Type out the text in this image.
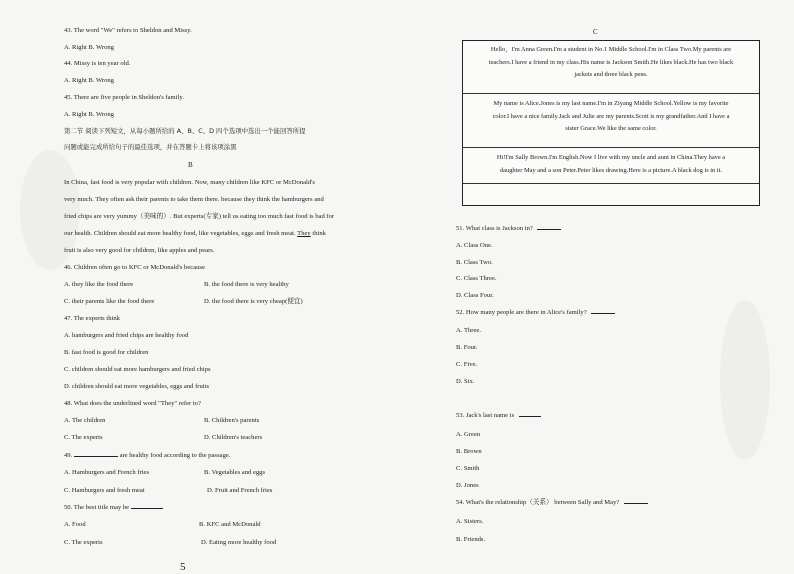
43. The word "We" refers to Sheldon and Missy.
A. Right B. Wrong
44. Missy is ten year old.
A. Right B. Wrong
45. There are five people in Sheldon's family.
A. Right B. Wrong
第二节 阅读下列短文，从每小题所给的 A、B、C、D 四个选项中选出一个能回答所提
问题或能完成所给句子的最佳选项，并在答题卡上将该项涂黑
B
In China, fast food is very popular with children. Now, many children like KFC or McDonald's
very much. They often ask their parents to take them there. because they think the hamburgers and
fried chips are very yummy（美味的）. But experts(专家) tell us eating too much fast food is bad for
our health. Children should eat more healthy food, like vegetables, eggs and fresh meat. They think
fruit is also very good for children, like apples and pears.
46. Children often go to KFC or McDonald's because
A. they like the food there	B. the food there is very healthy
C. their parents like the food there	D. the food there is very cheap(便宜)
47. The experts think
A. hamburgers and fried chips are healthy food
B. fast food is good for children
C. children should eat more hamburgers and fried chips
D. children should eat more vegetables, eggs and fruits
48. What does the underlined word "They" refer to?
A. The children	B. Children's parents
C. The experts	D. Children's teachers
49.	are healthy food according to the passage.
A. Hamburgers and French fries	B. Vegetables and eggs
C. Hamburgers and fresh meat	D. Fruit and French fries
50. The best title may be
A. Food	B. KFC and McDonald
C. The experts	D. Eating more healthy food
5
C
Hello，I'm Anna Green.I'm a student in No.1 Middle School.I'm in Class Two.My parents are
teachers.I have a friend in my class.His name is Jackson Smith.He likes black.He has two black
jackets and three black pens.
My name is Alice.Jones is my last name.I'm in Ziyang Middle School.Yellow is my favorite
color.I have a nice family.Jack and Julie are my parents.Scott is my grandfather.And I have a
sister Grace.We like the same color.
Hi!I'm Sally Brown.I'm English.Now I live with my uncle and aunt in China.They have a
daughter May and a son Peter.Peter likes drawing.Here is a picture.A black dog is in it.
51. What class is Jackson in?
A. Class One.
B. Class Two.
C. Class Three.
D. Class Four.
52. How many people are there in Alice's family?
A. Three.
B. Four.
C. Five.
D. Six.
53. Jack's last name is
A. Green
B. Brown
C. Smith
D. Jones
54. What's the relationship（关系） between Sally and May?
A. Sisters.
B. Friends.
